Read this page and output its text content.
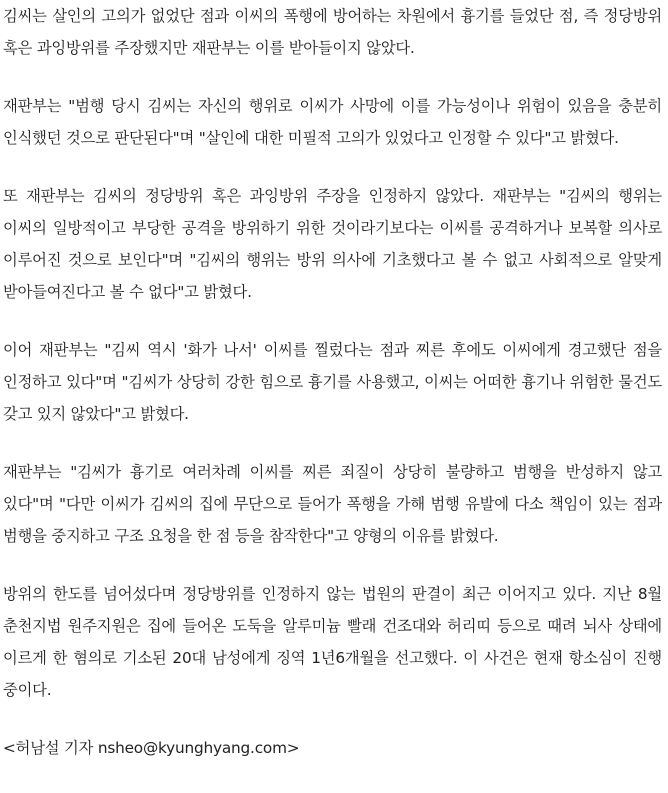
김씨는 살인의 고의가 없었단 점과 이씨의 폭행에 방어하는 차원에서 흉기를 들었단 점, 즉 정당방위 혹은 과잉방위를 주장했지만 재판부는 이를 받아들이지 않았다.

재판부는 "범행 당시 김씨는 자신의 행위로 이씨가 사망에 이를 가능성이나 위험이 있음을 충분히 인식했던 것으로 판단된다"며 "살인에 대한 미필적 고의가 있었다고 인정할 수 있다"고 밝혔다.

또 재판부는 김씨의 정당방위 혹은 과잉방위 주장을 인정하지 않았다. 재판부는 "김씨의 행위는 이씨의 일방적이고 부당한 공격을 방위하기 위한 것이라기보다는 이씨를 공격하거나 보복할 의사로 이루어진 것으로 보인다"며 "김씨의 행위는 방위 의사에 기초했다고 볼 수 없고 사회적으로 알맞게 받아들여진다고 볼 수 없다"고 밝혔다.

이어 재판부는 "김씨 역시 '화가 나서' 이씨를 찔렀다는 점과 찌른 후에도 이씨에게 경고했단 점을 인정하고 있다"며 "김씨가 상당히 강한 힘으로 흉기를 사용했고, 이씨는 어떠한 흉기나 위험한 물건도 갖고 있지 않았다"고 밝혔다.

재판부는 "김씨가 흉기로 여러차례 이씨를 찌른 죄질이 상당히 불량하고 범행을 반성하지 않고 있다"며 "다만 이씨가 김씨의 집에 무단으로 들어가 폭행을 가해 범행 유발에 다소 책임이 있는 점과 범행을 중지하고 구조 요청을 한 점 등을 참작한다"고 양형의 이유를 밝혔다.

방위의 한도를 넘어섰다며 정당방위를 인정하지 않는 법원의 판결이 최근 이어지고 있다. 지난 8월 춘천지법 원주지원은 집에 들어온 도둑을 알루미늄 빨래 건조대와 허리띠 등으로 때려 뇌사 상태에 이르게 한 혐의로 기소된 20대 남성에게 징역 1년6개월을 선고했다. 이 사건은 현재 항소심이 진행 중이다.

<허남설 기자 nsheo@kyunghyang.com>
